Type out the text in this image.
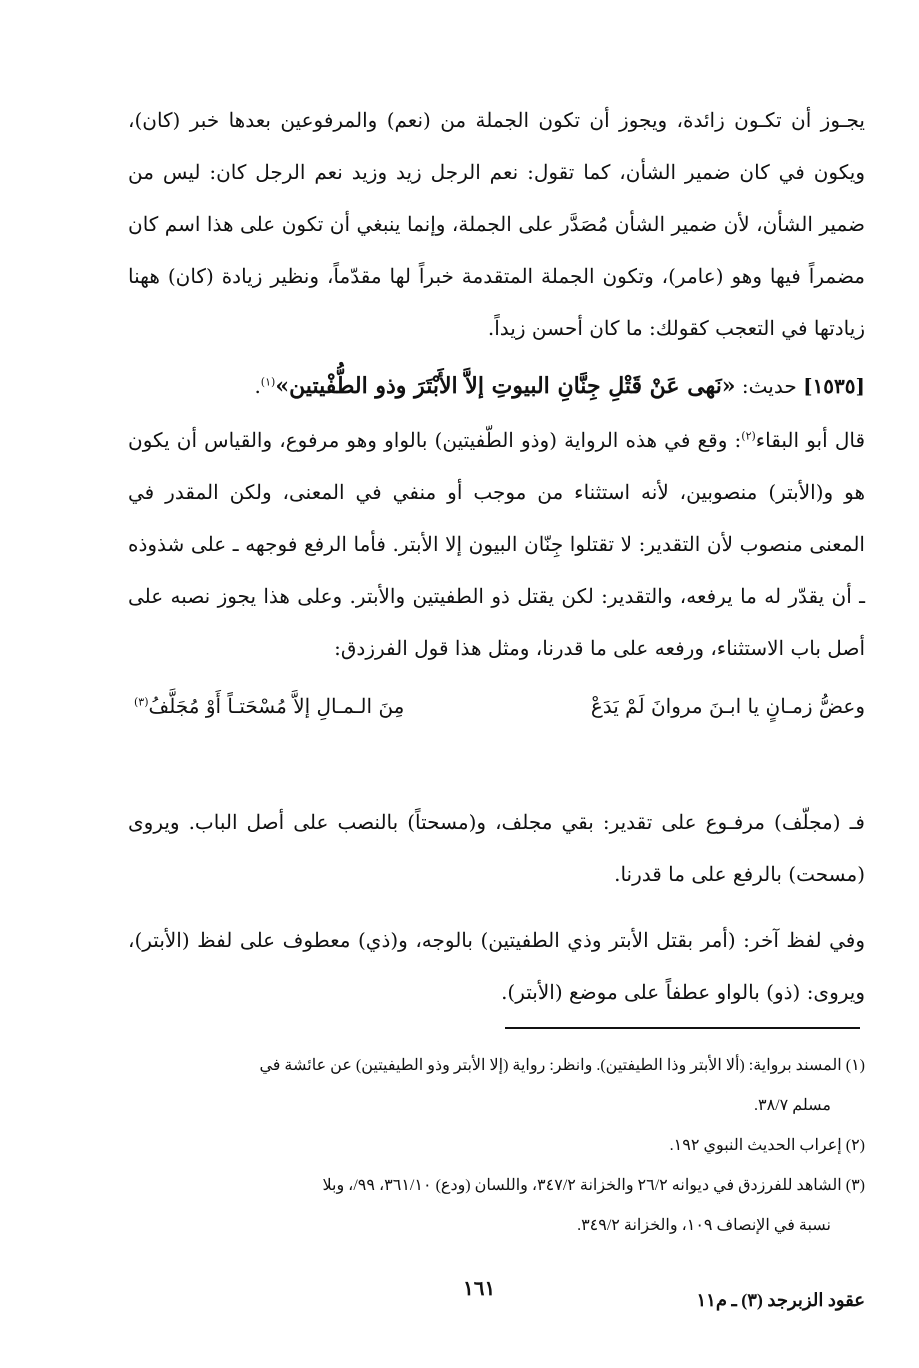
يجـوز أن تكـون زائدة، ويجوز أن تكون الجملة من (نعم) والمرفوعين بعدها خبر (كان)، ويكون في كان ضمير الشأن، كما تقول: نعم الرجل زيد وزيد نعم الرجل كان: ليس من ضمير الشأن، لأن ضمير الشأن مُصَدَّر على الجملة، وإنما ينبغي أن تكون على هذا اسم كان مضمراً فيها وهو (عامر)، وتكون الجملة المتقدمة خبراً لها مقدّماً، ونظير زيادة (كان) ههنا زيادتها في التعجب كقولك: ما كان أحسن زيداً.

[١٥٣٥] حديث: «نَهى عَنْ قَتْلِ جِنَّانِ البيوتِ إلاَّ الأَبْتَرَ وذو الطُّفْيتين»$^{(١)}$.

قال أبو البقاء$^{(٢)}$: وقع في هذه الرواية (وذو الطّفيتين) بالواو وهو مرفوع، والقياس أن يكون هو و(الأبتر) منصوبين، لأنه استثناء من موجب أو منفي في المعنى، ولكن المقدر في المعنى منصوب لأن التقدير: لا تقتلوا جِنّان البيون إلا الأبتر. فأما الرفع فوجهه ـ على شذوذه ـ أن يقدّر له ما يرفعه، والتقدير: لكن يقتل ذو الطفيتين والأبتر. وعلى هذا يجوز نصبه على أصل باب الاستثناء، ورفعه على ما قدرنا، ومثل هذا قول الفرزدق:

وعضُّ زمـانٍ يا ابـنَ مروانَ لَمْ يَدَعْ
مِنَ الـمـالِ إلاَّ مُسْحَتـاً أَوْ مُجَلَّفُ$^{(٣)}$

فـ (مجلّف) مرفـوع على تقدير: بقي مجلف، و(مسحتاً) بالنصب على أصل الباب. ويروى (مسحت) بالرفع على ما قدرنا.

وفي لفظ آخر: (أمر بقتل الأبتر وذي الطفيتين) بالوجه، و(ذي) معطوف على لفظ (الأبتر)، ويروى: (ذو) بالواو عطفاً على موضع (الأبتر).

(١) المسند برواية: (ألا الأبتر وذا الطيفتين). وانظر: رواية (إلا الأبتر وذو الطيفيتين) عن عائشة في

مسلم ٣٨/٧.

(٢) إعراب الحديث النبوي ١٩٢.

(٣) الشاهد للفرزدق في ديوانه ٢٦/٢ والخزانة ٣٤٧/٢، واللسان (ودع) ٣٦١/١٠، ٩٩/، وبلا

نسبة في الإنصاف ١٠٩، والخزانة ٣٤٩/٢.

عقود الزبرجد (٣) ـ م١١
١٦١
